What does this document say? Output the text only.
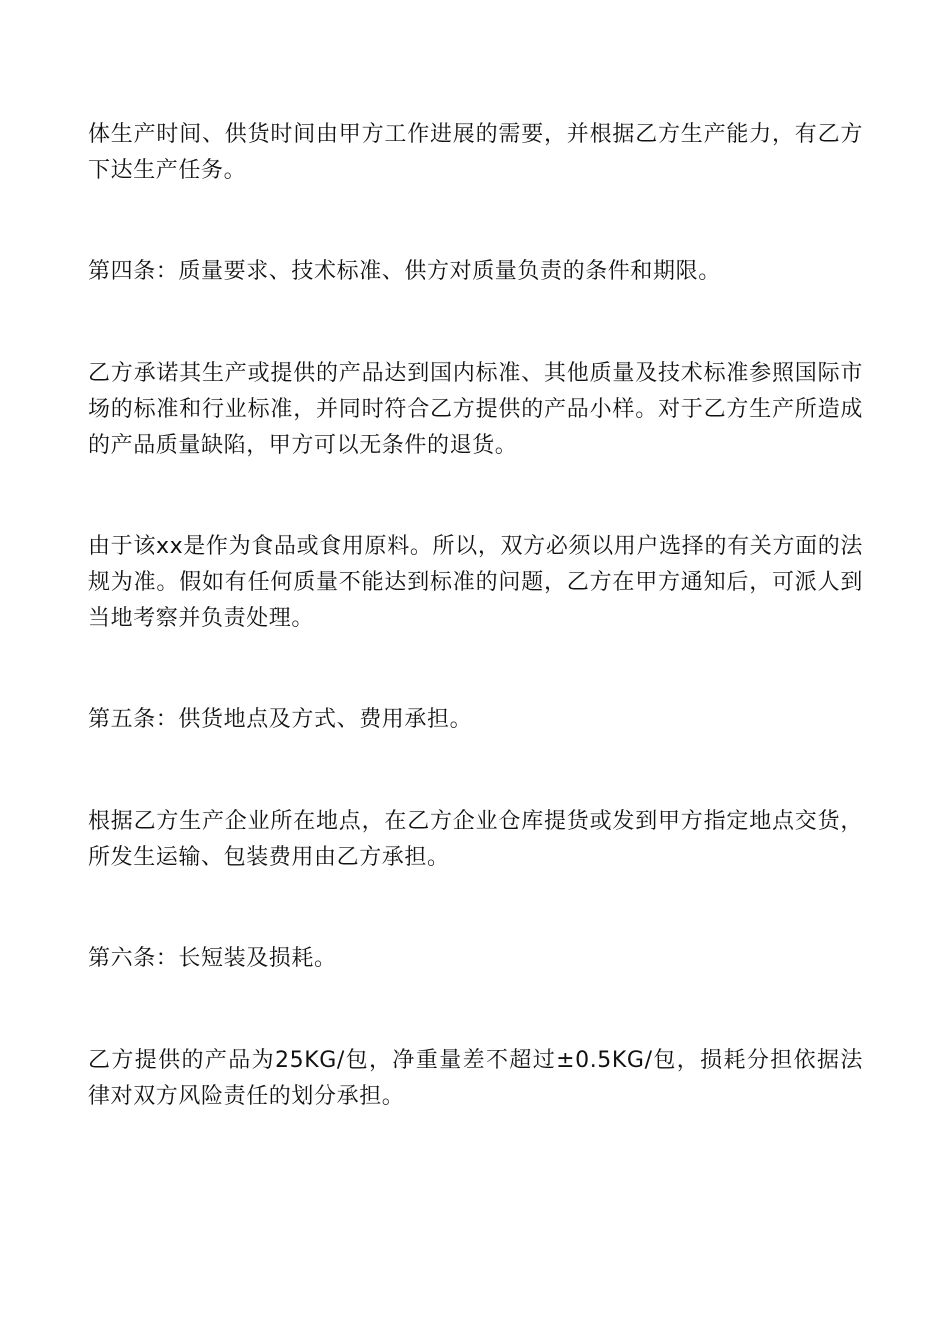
体生产时间、供货时间由甲方工作进展的需要，并根据乙方生产能力，有乙方下达生产任务。

第四条：质量要求、技术标准、供方对质量负责的条件和期限。

乙方承诺其生产或提供的产品达到国内标准、其他质量及技术标准参照国际市场的标准和行业标准，并同时符合乙方提供的产品小样。对于乙方生产所造成的产品质量缺陷，甲方可以无条件的退货。

由于该xx是作为食品或食用原料。所以，双方必须以用户选择的有关方面的法规为准。假如有任何质量不能达到标准的问题，乙方在甲方通知后，可派人到当地考察并负责处理。

第五条：供货地点及方式、费用承担。

根据乙方生产企业所在地点，在乙方企业仓库提货或发到甲方指定地点交货，所发生运输、包装费用由乙方承担。

第六条：长短装及损耗。

乙方提供的产品为25KG/包，净重量差不超过±0.5KG/包，损耗分担依据法律对双方风险责任的划分承担。
